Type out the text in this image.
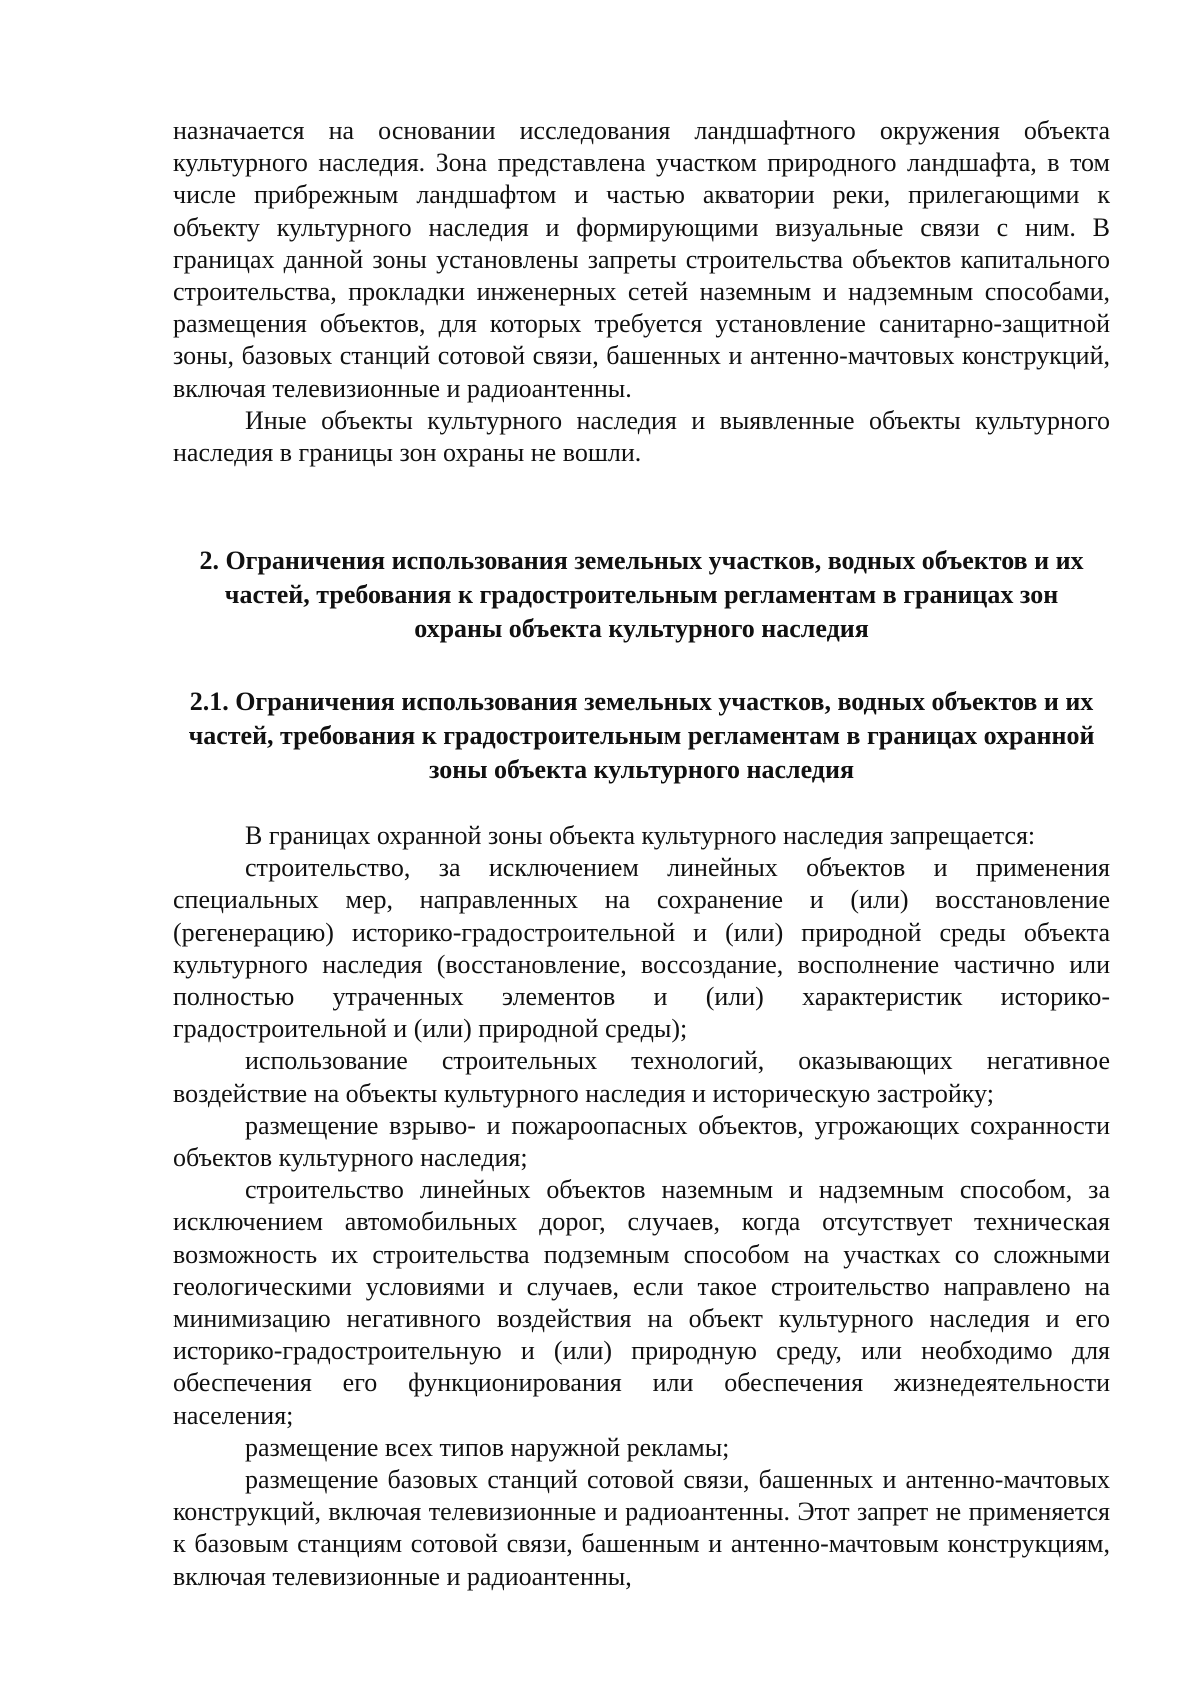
назначается на основании исследования ландшафтного окружения объекта культурного наследия. Зона представлена участком природного ландшафта, в том числе прибрежным ландшафтом и частью акватории реки, прилегающими к объекту культурного наследия и формирующими визуальные связи с ним. В границах данной зоны установлены запреты строительства объектов капитального строительства, прокладки инженерных сетей наземным и надземным способами, размещения объектов, для которых требуется установление санитарно-защитной зоны, базовых станций сотовой связи, башенных и антенно-мачтовых конструкций, включая телевизионные и радиоантенны.

Иные объекты культурного наследия и выявленные объекты культурного наследия в границы зон охраны не вошли.

2. Ограничения использования земельных участков, водных объектов и их частей, требования к градостроительным регламентам в границах зон охраны объекта культурного наследия

2.1. Ограничения использования земельных участков, водных объектов и их частей, требования к градостроительным регламентам в границах охранной зоны объекта культурного наследия

В границах охранной зоны объекта культурного наследия запрещается:

строительство, за исключением линейных объектов и применения специальных мер, направленных на сохранение и (или) восстановление (регенерацию) историко-градостроительной и (или) природной среды объекта культурного наследия (восстановление, воссоздание, восполнение частично или полностью утраченных элементов и (или) характеристик историко-градостроительной и (или) природной среды);

использование строительных технологий, оказывающих негативное воздействие на объекты культурного наследия и историческую застройку;

размещение взрыво- и пожароопасных объектов, угрожающих сохранности объектов культурного наследия;

строительство линейных объектов наземным и надземным способом, за исключением автомобильных дорог, случаев, когда отсутствует техническая возможность их строительства подземным способом на участках со сложными геологическими условиями и случаев, если такое строительство направлено на минимизацию негативного воздействия на объект культурного наследия и его историко-градостроительную и (или) природную среду, или необходимо для обеспечения его функционирования или обеспечения жизнедеятельности населения;

размещение всех типов наружной рекламы;

размещение базовых станций сотовой связи, башенных и антенно-мачтовых конструкций, включая телевизионные и радиоантенны. Этот запрет не применяется к базовым станциям сотовой связи, башенным и антенно-мачтовым конструкциям, включая телевизионные и радиоантенны,
